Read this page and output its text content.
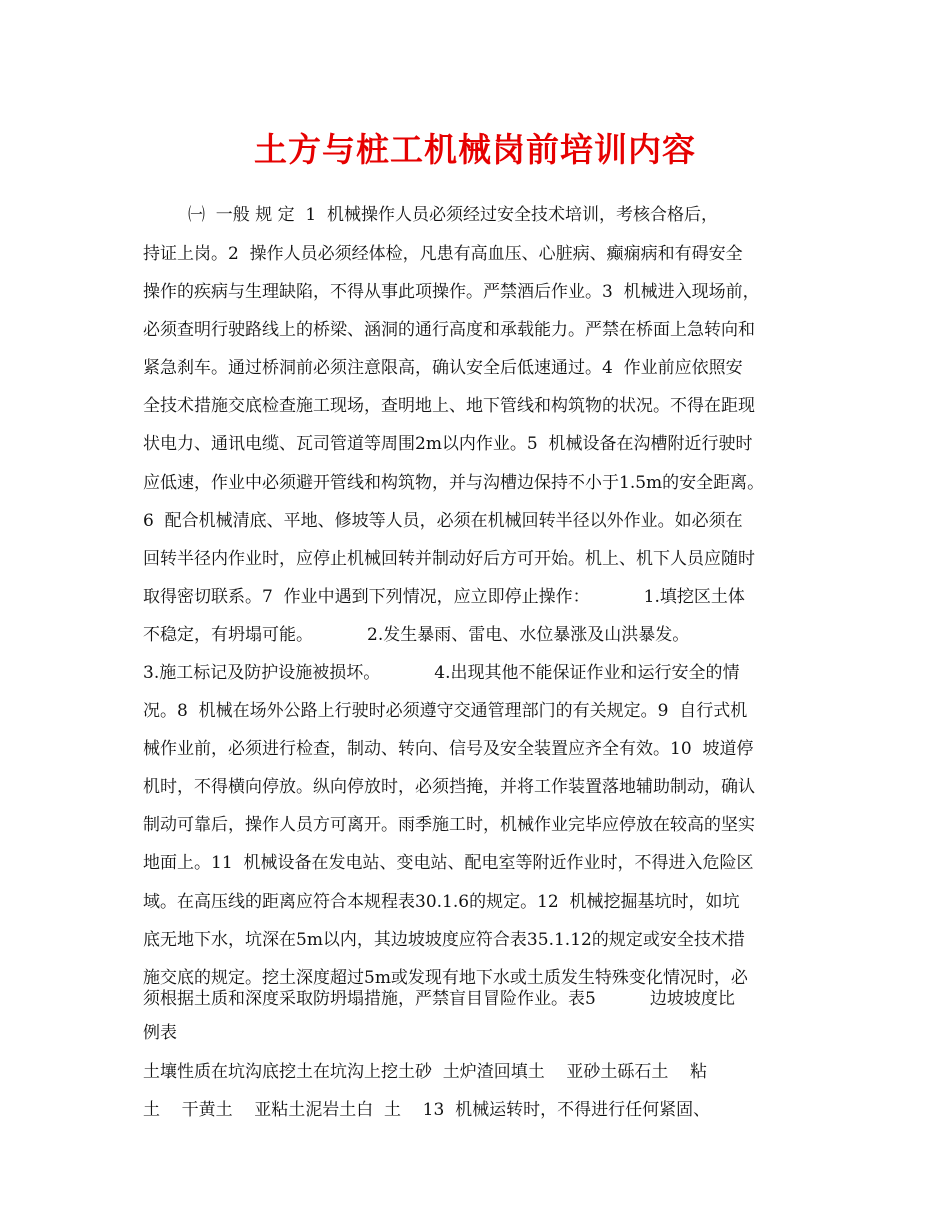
土方与桩工机械岗前培训内容
㈠  一般 规 定  1  机械操作人员必须经过安全技术培训，考核合格后，
持证上岗。2  操作人员必须经体检，凡患有高血压、心脏病、癫痫病和有碍安全
操作的疾病与生理缺陷，不得从事此项操作。严禁酒后作业。3  机械进入现场前，
必须查明行驶路线上的桥梁、涵洞的通行高度和承载能力。严禁在桥面上急转向和
紧急刹车。通过桥洞前必须注意限高，确认安全后低速通过。4  作业前应依照安
全技术措施交底检查施工现场，查明地上、地下管线和构筑物的状况。不得在距现
状电力、通讯电缆、瓦司管道等周围2m以内作业。5  机械设备在沟槽附近行驶时
应低速，作业中必须避开管线和构筑物，并与沟槽边保持不小于1.5m的安全距离。
6  配合机械清底、平地、修坡等人员，必须在机械回转半径以外作业。如必须在
回转半径内作业时，应停止机械回转并制动好后方可开始。机上、机下人员应随时
取得密切联系。7  作业中遇到下列情况，应立即停止操作：          1.填挖区土体
不稳定，有坍塌可能。          2.发生暴雨、雷电、水位暴涨及山洪暴发。
3.施工标记及防护设施被损坏。          4.出现其他不能保证作业和运行安全的情
况。8  机械在场外公路上行驶时必须遵守交通管理部门的有关规定。9  自行式机
械作业前，必须进行检查，制动、转向、信号及安全装置应齐全有效。10  坡道停
机时，不得横向停放。纵向停放时，必须挡掩，并将工作装置落地辅助制动，确认
制动可靠后，操作人员方可离开。雨季施工时，机械作业完毕应停放在较高的坚实
地面上。11  机械设备在发电站、变电站、配电室等附近作业时，不得进入危险区
域。在高压线的距离应符合本规程表30.1.6的规定。12  机械挖掘基坑时，如坑
底无地下水，坑深在5m以内，其边坡坡度应符合表35.1.12的规定或安全技术措
施交底的规定。挖土深度超过5m或发现有地下水或土质发生特殊变化情况时，必
须根据土质和深度采取防坍塌措施，严禁盲目冒险作业。表5          边坡坡度比
例表
土壤性质在坑沟底挖土在坑沟上挖土砂  土炉渣回填土    亚砂土砾石土    粘
土    干黄土    亚粘土泥岩土白  土    13  机械运转时，不得进行任何紧固、
